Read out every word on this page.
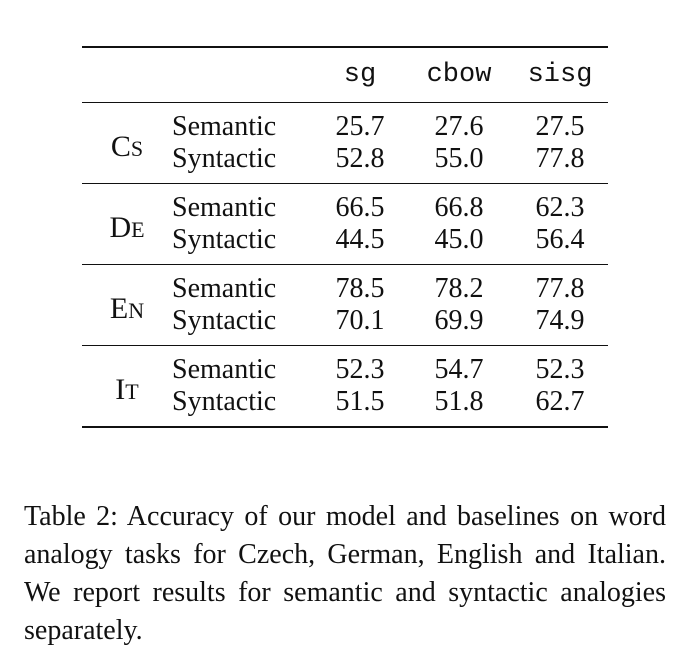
		sg	cbow	sisg
CS	Semantic	25.7	27.6	27.5
	Syntactic	52.8	55.0	77.8
DE	Semantic	66.5	66.8	62.3
	Syntactic	44.5	45.0	56.4
EN	Semantic	78.5	78.2	77.8
	Syntactic	70.1	69.9	74.9
IT	Semantic	52.3	54.7	52.3
	Syntactic	51.5	51.8	62.7

Table 2: Accuracy of our model and baselines on word analogy tasks for Czech, German, English and Italian. We report results for semantic and syntactic analogies separately.
